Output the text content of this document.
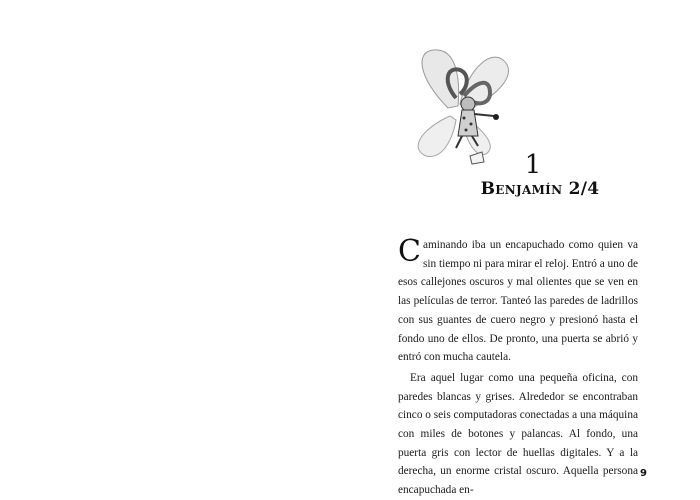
1
Benjamín 2/4

Caminando iba un encapuchado como quien va sin tiempo ni para mirar el reloj. Entró a uno de esos callejones oscuros y mal olientes que se ven en las películas de terror. Tanteó las paredes de ladrillos con sus guantes de cuero negro y presionó hasta el fondo uno de ellos. De pronto, una puerta se abrió y entró con mucha cautela.

Era aquel lugar como una pequeña oficina, con paredes blancas y grises. Alrededor se encontraban cinco o seis computadoras conectadas a una máquina con miles de botones y palancas. Al fondo, una puerta gris con lector de huellas digitales. Y a la derecha, un enorme cristal oscuro. Aquella persona encapuchada en-

9
